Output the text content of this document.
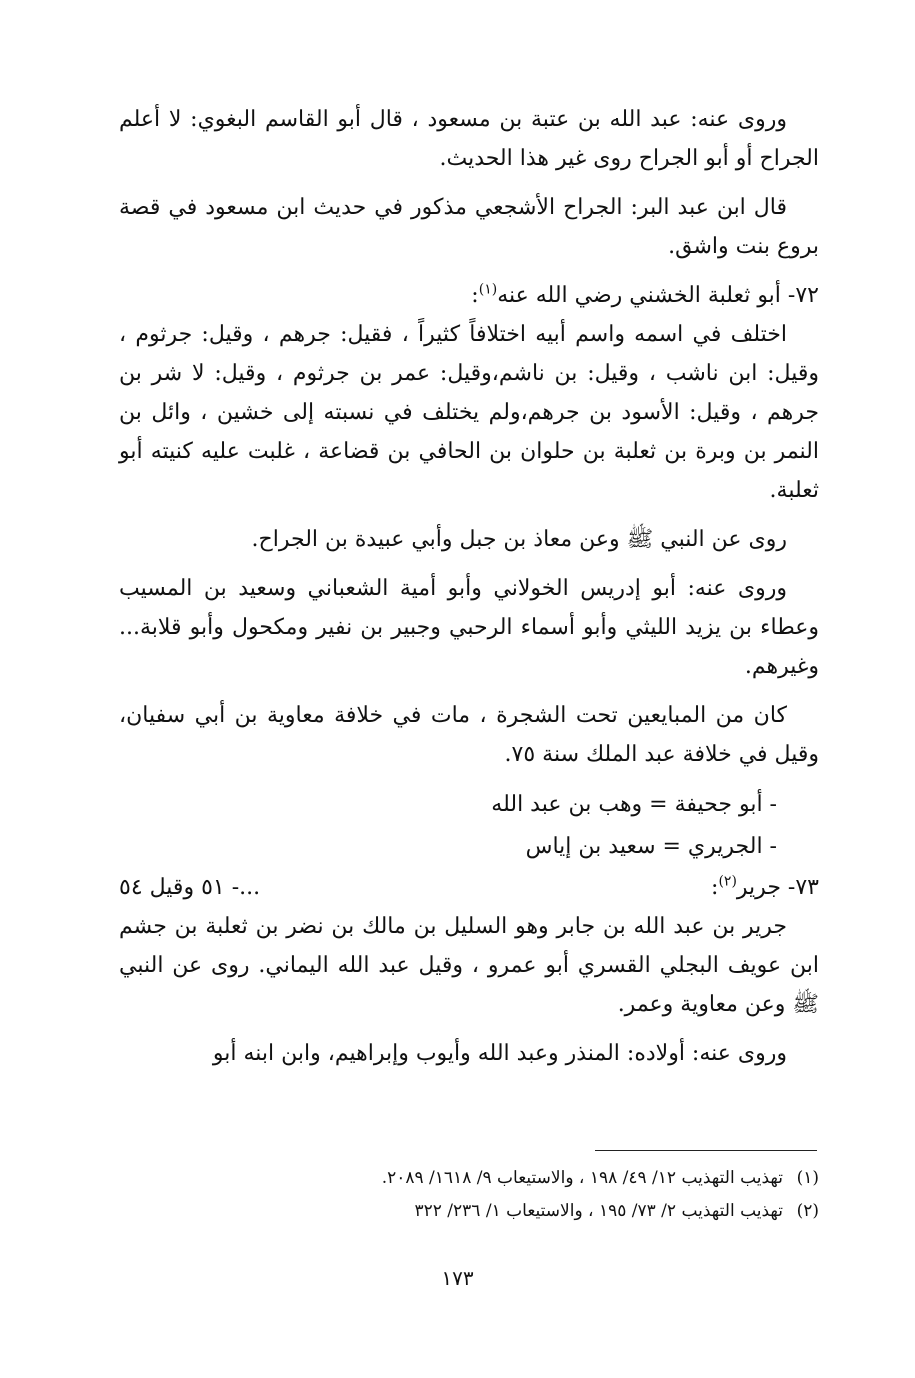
وروى عنه: عبد الله بن عتبة بن مسعود ، قال أبو القاسم البغوي: لا أعلم الجراح أو أبو الجراح روى غير هذا الحديث.

قال ابن عبد البر: الجراح الأشجعي مذكور في حديث ابن مسعود في قصة بروع بنت واشق.

٧٢- أبو ثعلبة الخشني رضي الله عنه$^{(١)}$:

اختلف في اسمه واسم أبيه اختلافاً كثيراً ، فقيل: جرهم ، وقيل: جرثوم ، وقيل: ابن ناشب ، وقيل: بن ناشم،وقيل: عمر بن جرثوم ، وقيل: لا شر بن جرهم ، وقيل: الأسود بن جرهم،ولم يختلف في نسبته إلى خشين ، وائل بن النمر بن وبرة بن ثعلبة بن حلوان بن الحافي بن قضاعة ، غلبت عليه كنيته أبو ثعلبة.

روى عن النبي ﷺ وعن معاذ بن جبل وأبي عبيدة بن الجراح.

وروى عنه: أبو إدريس الخولاني وأبو أمية الشعباني وسعيد بن المسيب وعطاء بن يزيد الليثي وأبو أسماء الرحبي وجبير بن نفير ومكحول وأبو قلابة... وغيرهم.

كان من المبايعين تحت الشجرة ، مات في خلافة معاوية بن أبي سفيان، وقيل في خلافة عبد الملك سنة ٧٥.

- أبو جحيفة = وهب بن عبد الله
- الجريري = سعيد بن إياس
٧٣- جرير$^{(٢)}$:
...- ٥١ وقيل ٥٤

جرير بن عبد الله بن جابر وهو السليل بن مالك بن نضر بن ثعلبة بن جشم ابن عويف البجلي القسري أبو عمرو ، وقيل عبد الله اليماني. روى عن النبي ﷺ وعن معاوية وعمر.

وروى عنه: أولاده: المنذر وعبد الله وأيوب وإبراهيم، وابن ابنه أبو

(١)تهذيب التهذيب ١٢/ ٤٩/ ١٩٨ ، والاستيعاب ٩/ ١٦١٨/ ٢٠٨٩.

(٢)تهذيب التهذيب ٢/ ٧٣/ ١٩٥ ، والاستيعاب ١/ ٢٣٦/ ٣٢٢

١٧٣
